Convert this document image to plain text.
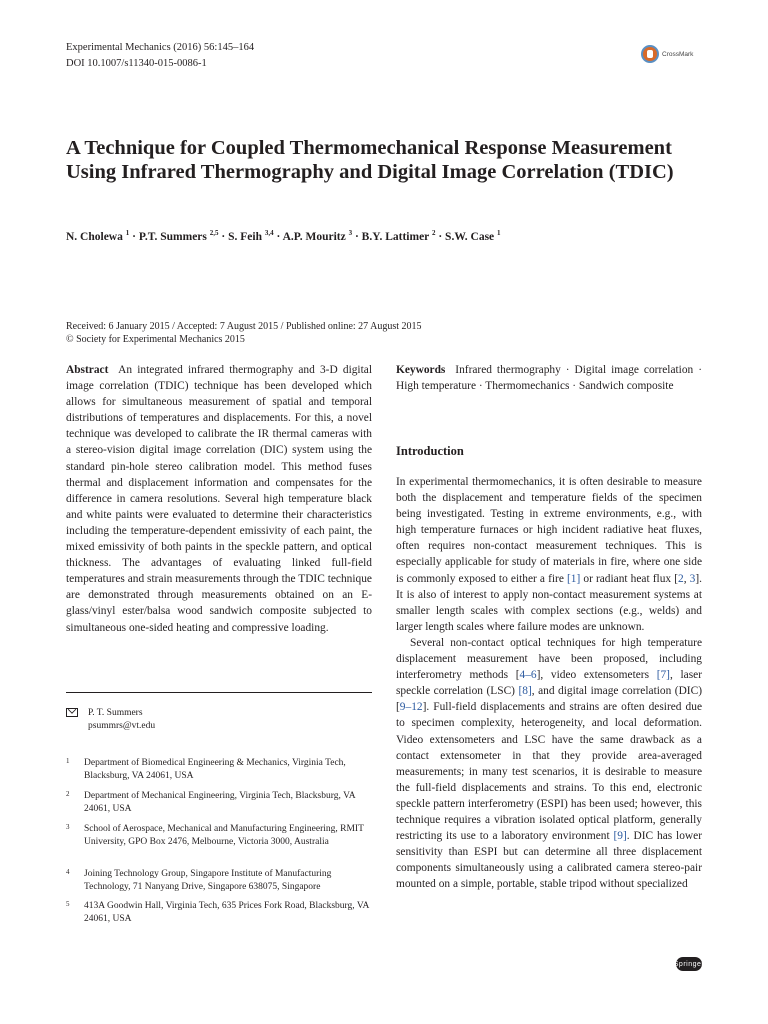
Experimental Mechanics (2016) 56:145–164
DOI 10.1007/s11340-015-0086-1
CrossMark
A Technique for Coupled Thermomechanical Response Measurement Using Infrared Thermography and Digital Image Correlation (TDIC)
N. Cholewa $^1$ · P.T. Summers $^{2,5}$ · S. Feih $^{3,4}$ · A.P. Mouritz $^3$ · B.Y. Lattimer $^2$ · S.W. Case $^1$
Received: 6 January 2015 / Accepted: 7 August 2015 / Published online: 27 August 2015
© Society for Experimental Mechanics 2015
Abstract An integrated infrared thermography and 3-D digital image correlation (TDIC) technique has been developed which allows for simultaneous measurement of spatial and temporal distributions of temperatures and displacements. For this, a novel technique was developed to calibrate the IR thermal cameras with a stereo-vision digital image correlation (DIC) system using the standard pin-hole stereo calibration model. This method fuses thermal and displacement information and compensates for the difference in camera resolutions. Several high temperature black and white paints were evaluated to determine their characteristics including the temperature-dependent emissivity of each paint, the mixed emissivity of both paints in the speckle pattern, and optical thickness. The advantages of evaluating linked full-field temperatures and strain measurements through the TDIC technique are demonstrated through measurements obtained on an E-glass/vinyl ester/balsa wood sandwich composite subjected to simultaneous one-sided heating and compressive loading.
P. T. Summers
psummrs@vt.edu
1	Department of Biomedical Engineering & Mechanics, Virginia Tech, Blacksburg, VA 24061, USA
2	Department of Mechanical Engineering, Virginia Tech, Blacksburg, VA 24061, USA
3	School of Aerospace, Mechanical and Manufacturing Engineering, RMIT University, GPO Box 2476, Melbourne, Victoria 3000, Australia
4	Joining Technology Group, Singapore Institute of Manufacturing Technology, 71 Nanyang Drive, Singapore 638075, Singapore
5	413A Goodwin Hall, Virginia Tech, 635 Prices Fork Road, Blacksburg, VA 24061, USA
Keywords Infrared thermography · Digital image correlation · High temperature · Thermomechanics · Sandwich composite
Introduction
In experimental thermomechanics, it is often desirable to measure both the displacement and temperature fields of the specimen being investigated. Testing in extreme environments, e.g., with high temperature furnaces or high incident radiative heat fluxes, often requires non-contact measurement techniques. This is especially applicable for study of materials in fire, where one side is commonly exposed to either a fire [1] or radiant heat flux [2, 3]. It is also of interest to apply non-contact measurement systems at smaller length scales with complex sections (e.g., welds) and larger length scales where failure modes are unknown.
Several non-contact optical techniques for high temperature displacement measurement have been proposed, including interferometry methods [4–6], video extensometers [7], laser speckle correlation (LSC) [8], and digital image correlation (DIC) [9–12]. Full-field displacements and strains are often desired due to specimen complexity, heterogeneity, and local deformation. Video extensometers and LSC have the same drawback as a contact extensometer in that they provide area-averaged measurements; in many test scenarios, it is desirable to measure the full-field displacements and strains. To this end, electronic speckle pattern interferometry (ESPI) has been used; however, this technique requires a vibration isolated optical platform, generally restricting its use to a laboratory environment [9]. DIC has lower sensitivity than ESPI but can determine all three displacement components simultaneously using a calibrated camera stereo-pair mounted on a simple, portable, stable tripod without specialized
Springer
